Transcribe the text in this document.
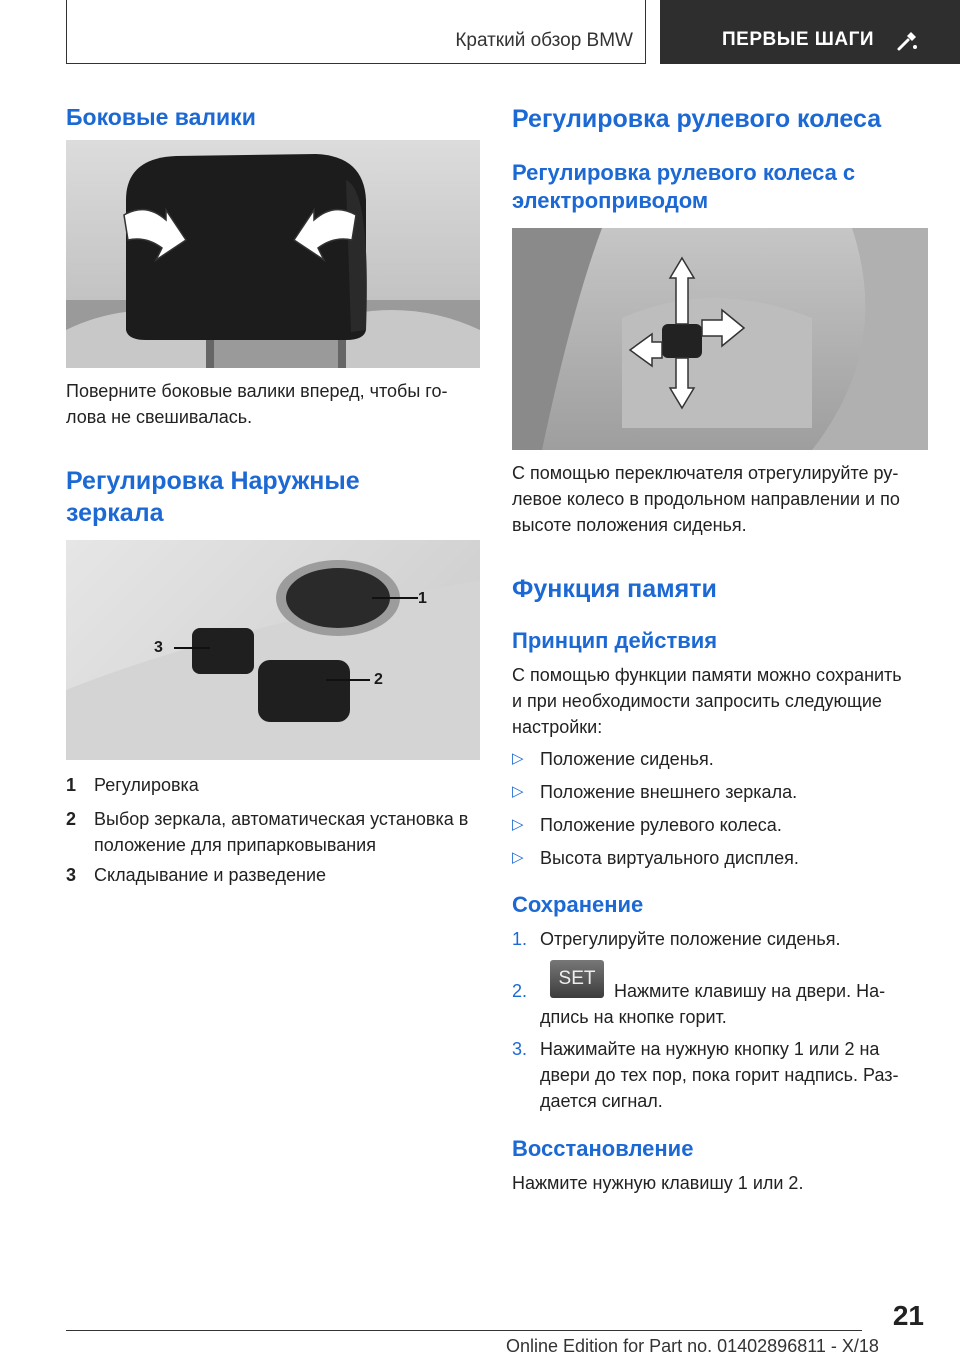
Краткий обзор BMW	ПЕРВЫЕ ШАГИ
Боковые валики

Поверните боковые валики вперед, чтобы го-
лова не свешивалась.

Регулировка Наружные
зеркала
1
3
2
1 Регулировка
2 Выбор зеркала, автоматическая установка в положение для припарковывания
3 Складывание и разведение
Регулировка рулевого колеса
Регулировка рулевого колеса с
электроприводом

С помощью переключателя отрегулируйте ру-
левое колесо в продольном направлении и по
высоте положения сиденья.

Функция памяти
Принцип действия

С помощью функции памяти можно сохранить
и при необходимости запросить следующие
настройки:

▷ Положение сиденья.
▷ Положение внешнего зеркала.
▷ Положение рулевого колеса.
▷ Высота виртуального дисплея.
Сохранение
1. Отрегулируйте положение сиденья.
SET
2.	Нажмите клавишу на двери. На-
дпись на кнопке горит.
3. Нажимайте на нужную кнопку 1 или 2 на
двери до тех пор, пока горит надпись. Раз-
дается сигнал.
Восстановление

Нажмите нужную клавишу 1 или 2.

21
Online Edition for Part no. 01402896811 - X/18
